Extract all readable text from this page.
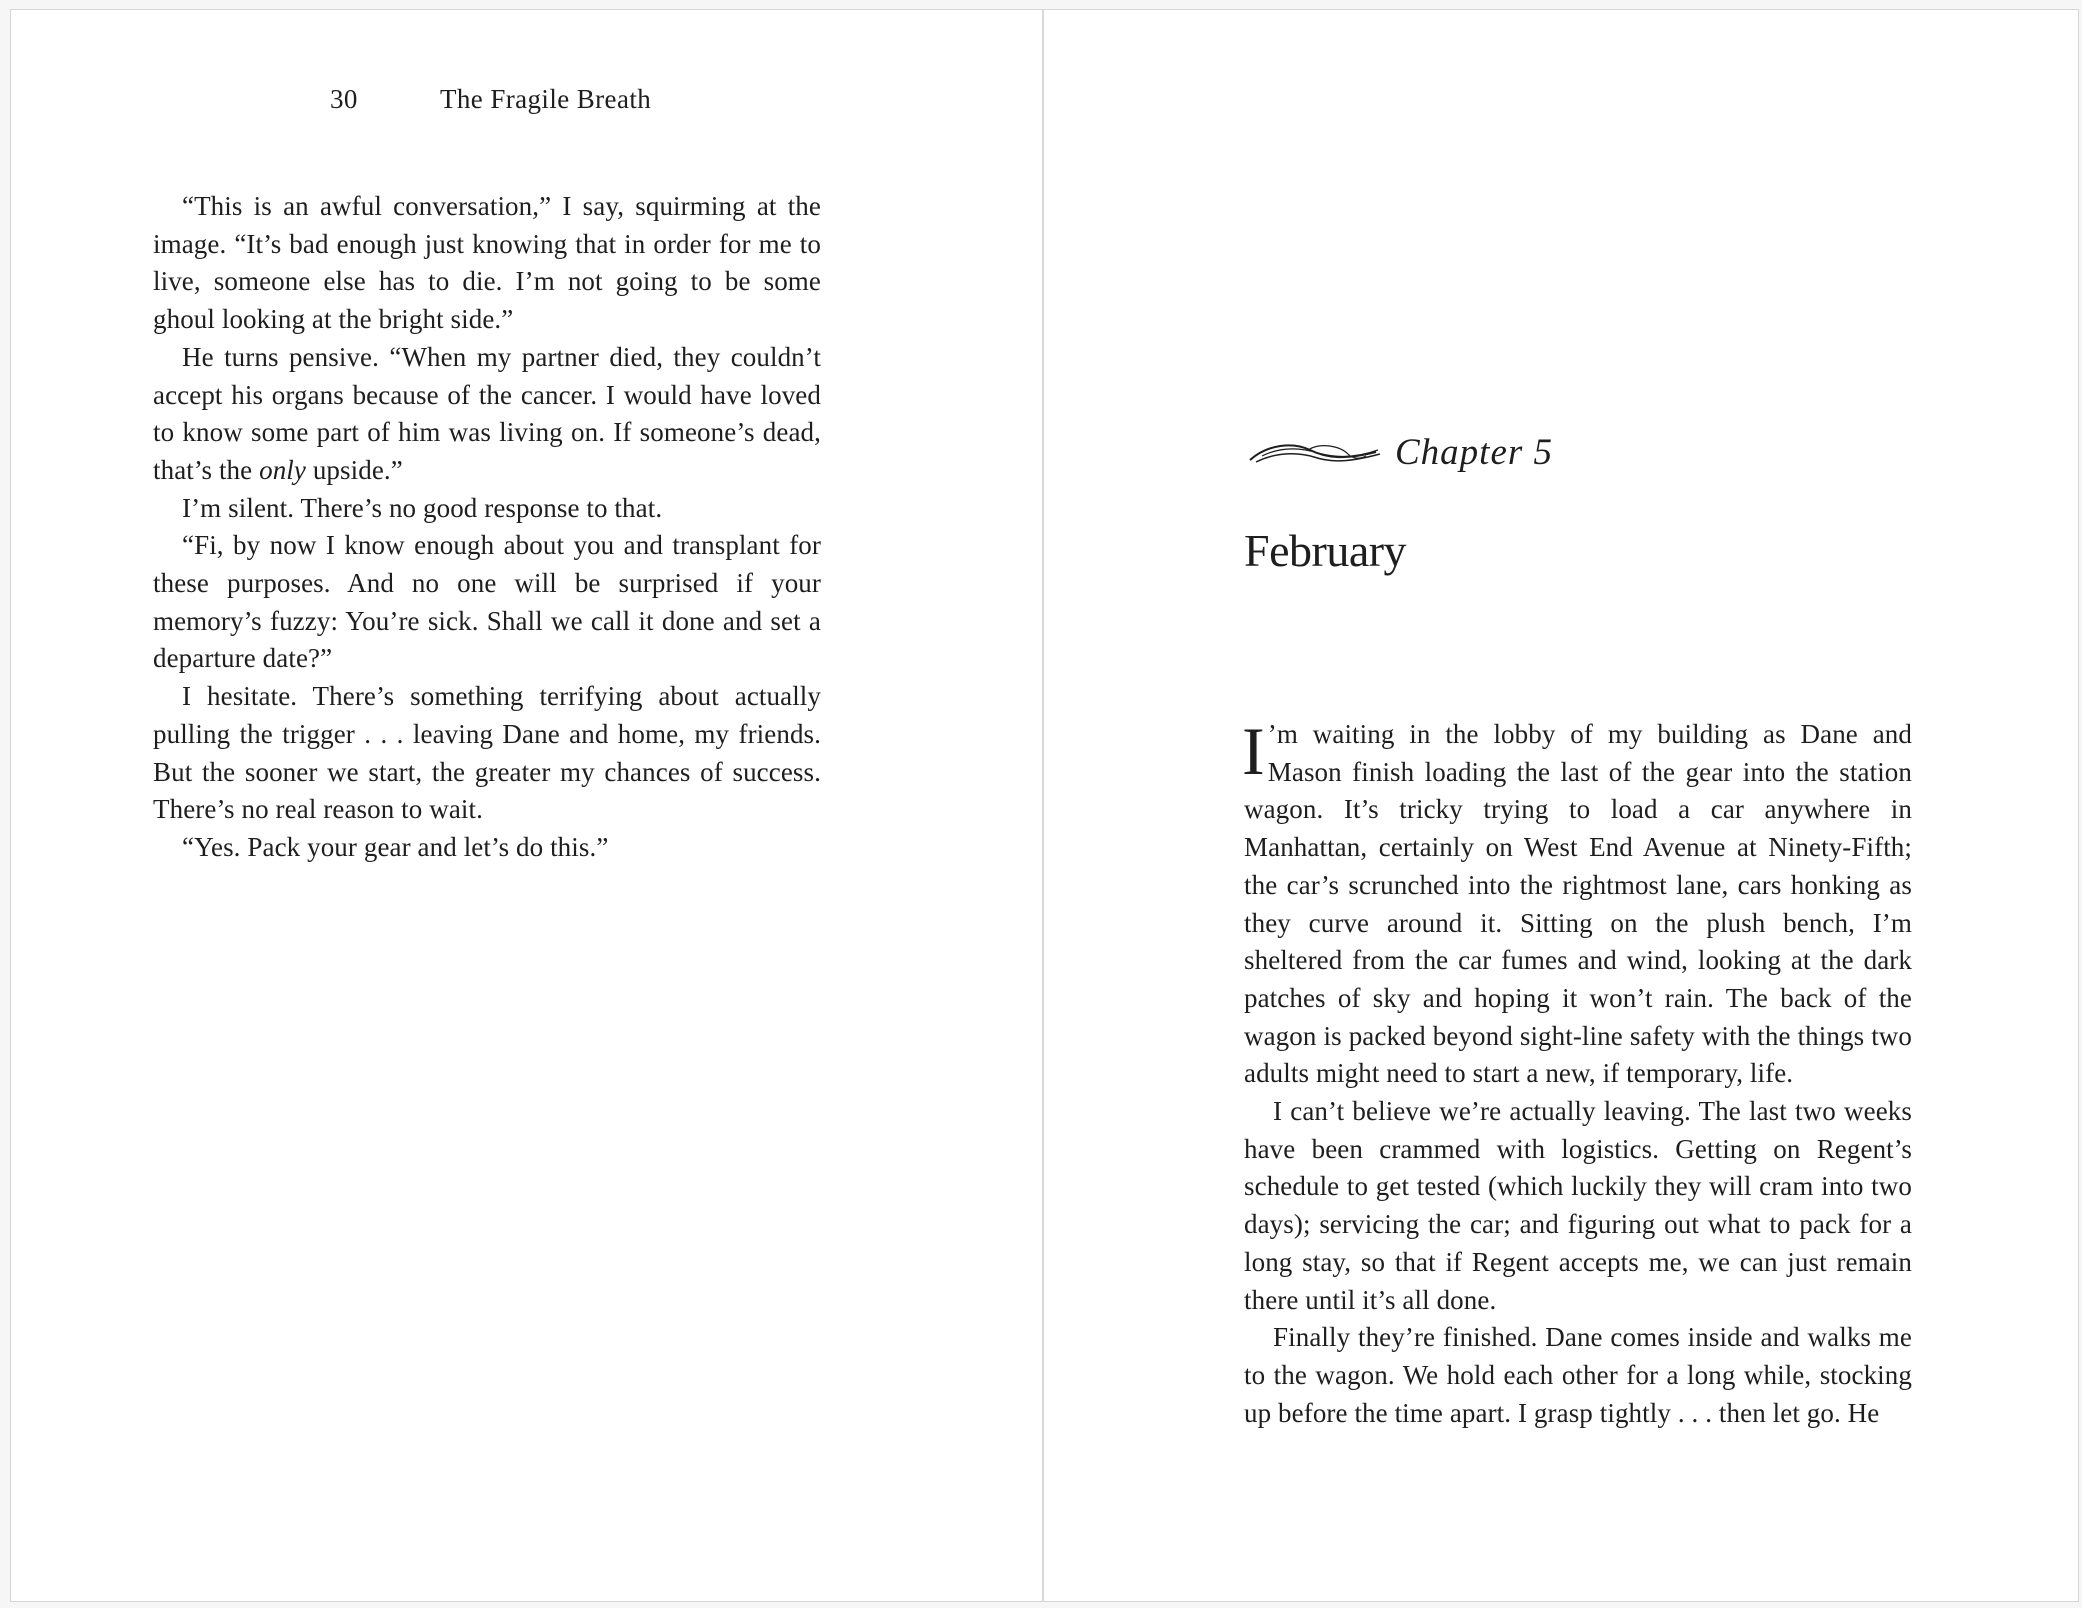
30	The Fragile Breath

“This is an awful conversation,” I say, squirming at the image. “It’s bad enough just knowing that in order for me to live, someone else has to die. I’m not going to be some ghoul looking at the bright side.”

He turns pensive. “When my partner died, they couldn’t accept his organs because of the cancer. I would have loved to know some part of him was living on. If someone’s dead, that’s the only upside.”

I’m silent. There’s no good response to that.

“Fi, by now I know enough about you and transplant for these purposes. And no one will be surprised if your memory’s fuzzy: You’re sick. Shall we call it done and set a departure date?”

I hesitate. There’s something terrifying about actually pulling the trigger . . . leaving Dane and home, my friends. But the sooner we start, the greater my chances of success. There’s no real reason to wait.

“Yes. Pack your gear and let’s do this.”

Chapter 5
February

I ’m waiting in the lobby of my building as Dane and Mason finish loading the last of the gear into the station wagon. It’s tricky trying to load a car anywhere in Manhattan, certainly on West End Avenue at Ninety-Fifth; the car’s scrunched into the rightmost lane, cars honking as they curve around it. Sitting on the plush bench, I’m sheltered from the car fumes and wind, looking at the dark patches of sky and hoping it won’t rain. The back of the wagon is packed beyond sight-line safety with the things two adults might need to start a new, if temporary, life.

I can’t believe we’re actually leaving. The last two weeks have been crammed with logistics. Getting on Regent’s schedule to get tested (which luckily they will cram into two days); servicing the car; and figuring out what to pack for a long stay, so that if Regent accepts me, we can just remain there until it’s all done.

Finally they’re finished. Dane comes inside and walks me to the wagon. We hold each other for a long while, stocking up before the time apart. I grasp tightly . . . then let go. He
